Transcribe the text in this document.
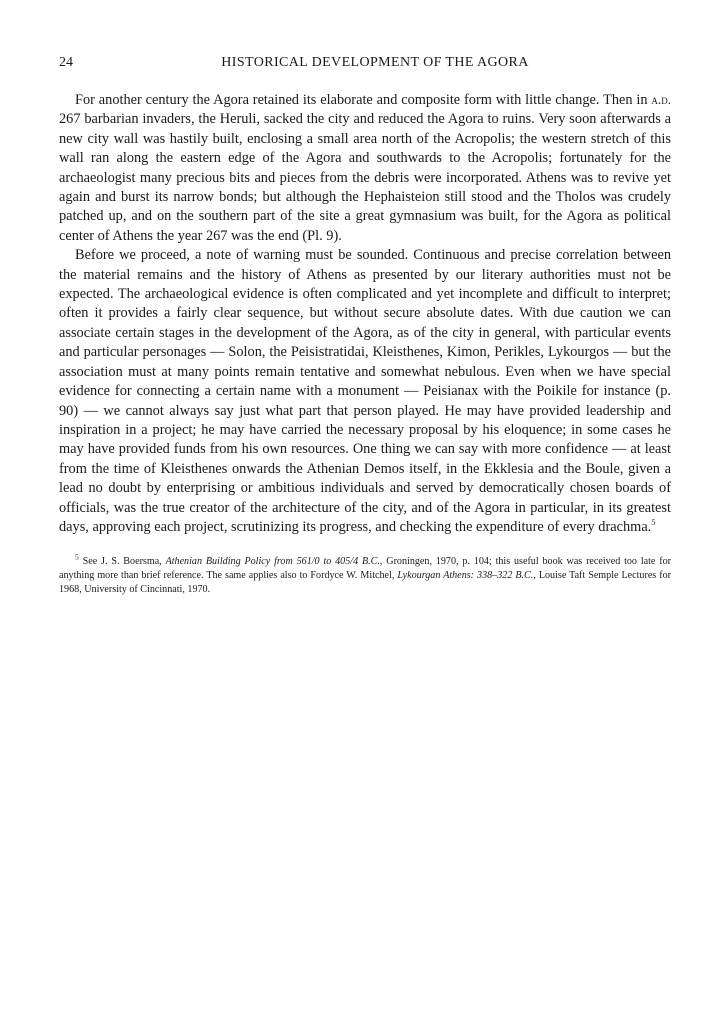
24	HISTORICAL DEVELOPMENT OF THE AGORA

For another century the Agora retained its elaborate and composite form with little change. Then in a.d. 267 barbarian invaders, the Heruli, sacked the city and reduced the Agora to ruins. Very soon afterwards a new city wall was hastily built, enclosing a small area north of the Acropolis; the western stretch of this wall ran along the eastern edge of the Agora and southwards to the Acropolis; fortunately for the archaeologist many precious bits and pieces from the debris were incorporated. Athens was to revive yet again and burst its narrow bonds; but although the Hephaisteion still stood and the Tholos was crudely patched up, and on the southern part of the site a great gymnasium was built, for the Agora as political center of Athens the year 267 was the end (Pl. 9).

Before we proceed, a note of warning must be sounded. Continuous and precise correlation between the material remains and the history of Athens as presented by our literary authorities must not be expected. The archaeological evidence is often complicated and yet incomplete and difficult to interpret; often it provides a fairly clear sequence, but without secure absolute dates. With due caution we can associate certain stages in the development of the Agora, as of the city in general, with particular events and particular personages — Solon, the Peisistratidai, Kleisthenes, Kimon, Perikles, Lykourgos — but the association must at many points remain tentative and somewhat nebulous. Even when we have special evidence for connecting a certain name with a monument — Peisianax with the Poikile for instance (p. 90) — we cannot always say just what part that person played. He may have provided leadership and inspiration in a project; he may have carried the necessary proposal by his eloquence; in some cases he may have provided funds from his own resources. One thing we can say with more confidence — at least from the time of Kleisthenes onwards the Athenian Demos itself, in the Ekklesia and the Boule, given a lead no doubt by enterprising or ambitious individuals and served by democratically chosen boards of officials, was the true creator of the architecture of the city, and of the Agora in particular, in its greatest days, approving each project, scrutinizing its progress, and checking the expenditure of every drachma.$^5$

$^5$ See J. S. Boersma, Athenian Building Policy from 561/0 to 405/4 B.C., Groningen, 1970, p. 104; this useful book was received too late for anything more than brief reference. The same applies also to Fordyce W. Mitchel, Lykourgan Athens: 338–322 B.C., Louise Taft Semple Lectures for 1968, University of Cincinnati, 1970.
